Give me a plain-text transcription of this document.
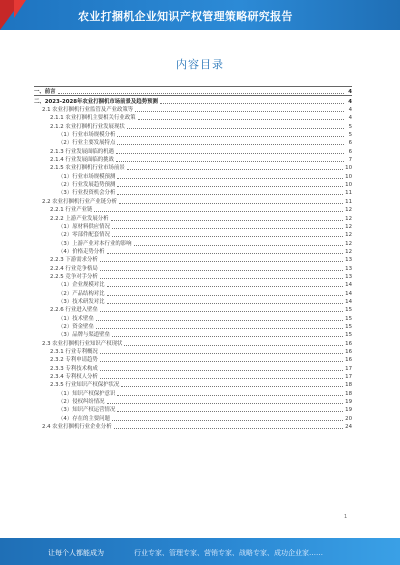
农业打捆机企业知识产权管理策略研究报告
内容目录
一、前言	4
二、2023-2028年农业打捆机市场前景及趋势预测	4
2.1 农业打捆机行业监管及产业政策等	4
2.1.1 农业打捆机主要相关行业政策	4
2.1.2 农业打捆机行业发展现状	5
（1）行业市场规模分析	5
（2）行业主要发展特点	6
2.1.3 行业发展面临的机遇	6
2.1.4 行业发展面临的挑战	7
2.1.5 农业打捆机行业市场前景	10
（1）行业市场规模预测	10
（2）行业发展趋势预测	10
（3）行业投资机会分析	11
2.2 农业打捆机行业产业链分析	11
2.2.1 行业产业链	12
2.2.2 上游产业发展分析	12
（1）原材料供应情况	12
（2）零部件配套情况	12
（3）上游产业对本行业的影响	12
（4）价格走势分析	12
2.2.3 下游需求分析	13
2.2.4 行业竞争格局	13
2.2.5 竞争对手分析	13
（1）企业规模对比	14
（2）产品结构对比	14
（3）技术研发对比	14
2.2.6 行业进入壁垒	15
（1）技术壁垒	15
（2）资金壁垒	15
（3）品牌与渠道壁垒	15
2.3 农业打捆机行业知识产权现状	16
2.3.1 行业专利概况	16
2.3.2 专利申请趋势	16
2.3.3 专利技术构成	17
2.3.4 专利权人分析	17
2.3.5 行业知识产权保护状况	18
（1）知识产权保护意识	18
（2）侵权纠纷情况	19
（3）知识产权运营情况	19
（4）存在的主要问题	20
2.4 农业打捆机行业企业分析	24
1
让每个人都能成为	行业专家、管理专家、营销专家、战略专家、成功企业家……
